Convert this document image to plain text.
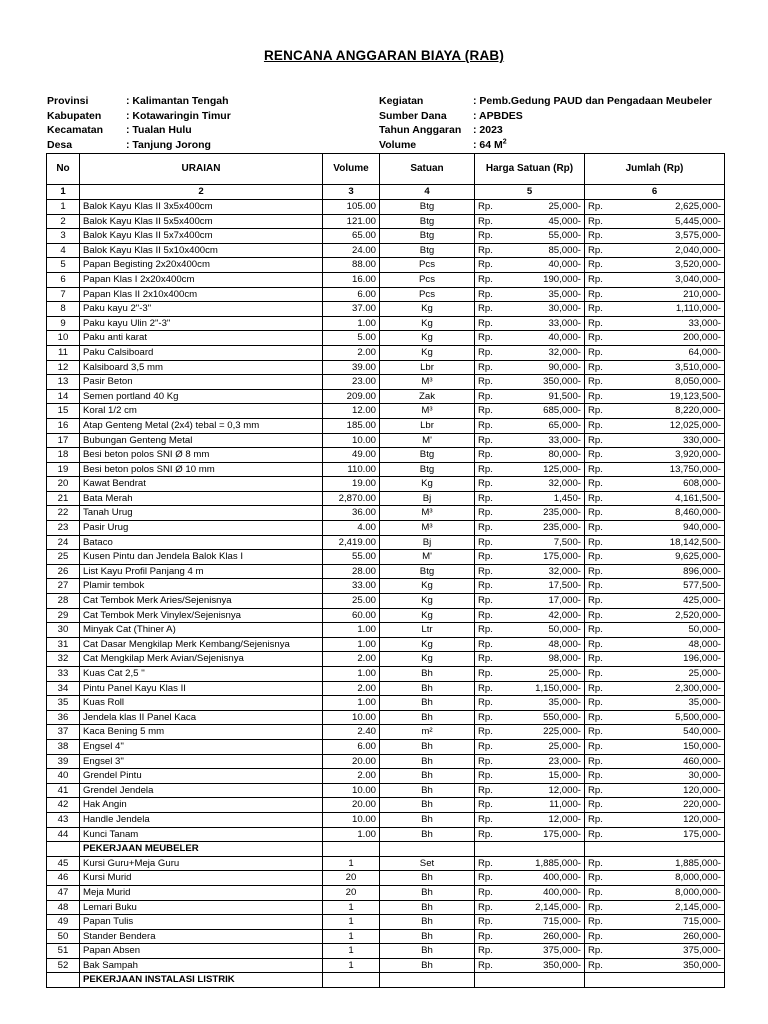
RENCANA ANGGARAN BIAYA (RAB)
Provinsi	: Kalimantan Tengah
Kabupaten	: Kotawaringin Timur
Kecamatan	: Tualan Hulu
Desa	: Tanjung Jorong
Kegiatan	: Pemb.Gedung PAUD dan Pengadaan Meubeler
Sumber Dana	: APBDES
Tahun Anggaran	: 2023
Volume	: 64 $M^2$
No	URAIAN	Volume	Satuan	Harga Satuan (Rp)	Jumlah (Rp)
1	2	3	4	5	6
1	Balok Kayu Klas II 3x5x400cm	105.00	Btg	Rp. 25,000-	Rp. 2,625,000-

2	Balok Kayu Klas II 5x5x400cm	121.00	Btg	Rp. 45,000-	Rp. 5,445,000-

3	Balok Kayu Klas II 5x7x400cm	65.00	Btg	Rp. 55,000-	Rp. 3,575,000-

4	Balok Kayu Klas II 5x10x400cm	24.00	Btg	Rp. 85,000-	Rp. 2,040,000-

5	Papan Begisting 2x20x400cm	88.00	Pcs	Rp. 40,000-	Rp. 3,520,000-

6	Papan Klas I 2x20x400cm	16.00	Pcs	Rp. 190,000-	Rp. 3,040,000-

7	Papan Klas II 2x10x400cm	6.00	Pcs	Rp. 35,000-	Rp. 210,000-

8	Paku kayu 2"-3"	37.00	Kg	Rp. 30,000-	Rp. 1,110,000-

9	Paku kayu Ulin 2"-3"	1.00	Kg	Rp. 33,000-	Rp. 33,000-

10	Paku anti karat	5.00	Kg	Rp. 40,000-	Rp. 200,000-

11	Paku Calsiboard	2.00	Kg	Rp. 32,000-	Rp. 64,000-

12	Kalsiboard 3,5 mm	39.00	Lbr	Rp. 90,000-	Rp. 3,510,000-

13	Pasir Beton	23.00	M³	Rp. 350,000-	Rp. 8,050,000-

14	Semen portland 40 Kg	209.00	Zak	Rp. 91,500-	Rp. 19,123,500-

15	Koral 1/2 cm	12.00	M³	Rp. 685,000-	Rp. 8,220,000-

16	Atap Genteng Metal (2x4) tebal = 0,3 mm	185.00	Lbr	Rp. 65,000-	Rp. 12,025,000-

17	Bubungan Genteng Metal	10.00	M'	Rp. 33,000-	Rp. 330,000-

18	Besi beton polos SNI Ø 8 mm	49.00	Btg	Rp. 80,000-	Rp. 3,920,000-

19	Besi beton polos SNI Ø 10 mm	110.00	Btg	Rp. 125,000-	Rp. 13,750,000-

20	Kawat Bendrat	19.00	Kg	Rp. 32,000-	Rp. 608,000-

21	Bata Merah	2,870.00	Bj	Rp. 1,450-	Rp. 4,161,500-

22	Tanah Urug	36.00	M³	Rp. 235,000-	Rp. 8,460,000-

23	Pasir Urug	4.00	M³	Rp. 235,000-	Rp. 940,000-

24	Bataco	2,419.00	Bj	Rp. 7,500-	Rp. 18,142,500-

25	Kusen Pintu dan Jendela Balok Klas I	55.00	M'	Rp. 175,000-	Rp. 9,625,000-

26	List Kayu Profil Panjang 4 m	28.00	Btg	Rp. 32,000-	Rp. 896,000-

27	Plamir tembok	33.00	Kg	Rp. 17,500-	Rp. 577,500-

28	Cat Tembok Merk Aries/Sejenisnya	25.00	Kg	Rp. 17,000-	Rp. 425,000-

29	Cat Tembok Merk Vinylex/Sejenisnya	60.00	Kg	Rp. 42,000-	Rp. 2,520,000-

30	Minyak Cat (Thiner A)	1.00	Ltr	Rp. 50,000-	Rp. 50,000-

31	Cat Dasar Mengkilap Merk Kembang/Sejenisnya	1.00	Kg	Rp. 48,000-	Rp. 48,000-

32	Cat Mengkilap Merk Avian/Sejenisnya	2.00	Kg	Rp. 98,000-	Rp. 196,000-

33	Kuas Cat 2,5 ''	1.00	Bh	Rp. 25,000-	Rp. 25,000-

34	Pintu Panel Kayu Klas II	2.00	Bh	Rp. 1,150,000-	Rp. 2,300,000-

35	Kuas Roll	1.00	Bh	Rp. 35,000-	Rp. 35,000-

36	Jendela klas II Panel Kaca	10.00	Bh	Rp. 550,000-	Rp. 5,500,000-

37	Kaca Bening 5 mm	2.40	m²	Rp. 225,000-	Rp. 540,000-

38	Engsel 4''	6.00	Bh	Rp. 25,000-	Rp. 150,000-

39	Engsel 3''	20.00	Bh	Rp. 23,000-	Rp. 460,000-

40	Grendel Pintu	2.00	Bh	Rp. 15,000-	Rp. 30,000-

41	Grendel Jendela	10.00	Bh	Rp. 12,000-	Rp. 120,000-

42	Hak Angin	20.00	Bh	Rp. 11,000-	Rp. 220,000-

43	Handle Jendela	10.00	Bh	Rp. 12,000-	Rp. 120,000-

44	Kunci Tanam	1.00	Bh	Rp. 175,000-	Rp. 175,000-

	PEKERJAAN MEUBELER				
45	Kursi Guru+Meja Guru	1	Set	Rp. 1,885,000-	Rp. 1,885,000-

46	Kursi Murid	20	Bh	Rp. 400,000-	Rp. 8,000,000-

47	Meja Murid	20	Bh	Rp. 400,000-	Rp. 8,000,000-

48	Lemari Buku	1	Bh	Rp. 2,145,000-	Rp. 2,145,000-

49	Papan Tulis	1	Bh	Rp. 715,000-	Rp. 715,000-

50	Stander Bendera	1	Bh	Rp. 260,000-	Rp. 260,000-

51	Papan Absen	1	Bh	Rp. 375,000-	Rp. 375,000-

52	Bak Sampah	1	Bh	Rp. 350,000-	Rp. 350,000-

	PEKERJAAN INSTALASI LISTRIK				
